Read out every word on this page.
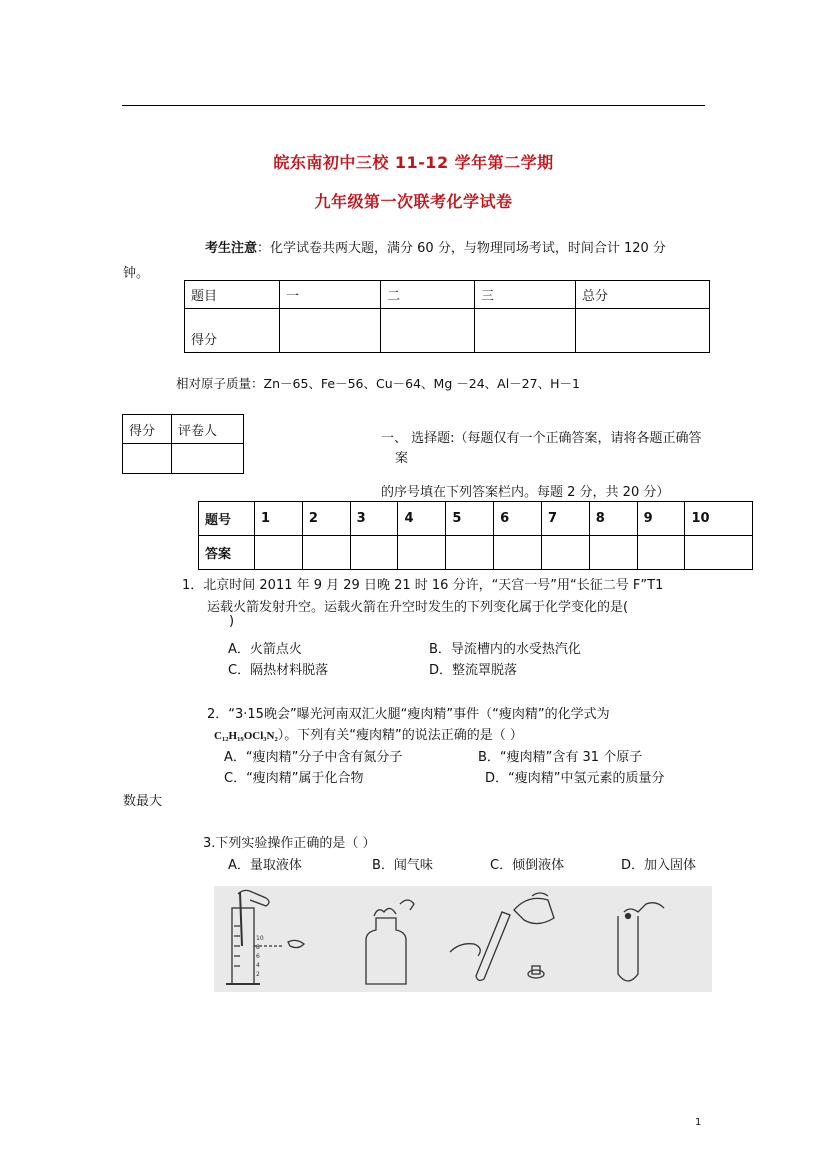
皖东南初中三校 11-12 学年第二学期
九年级第一次联考化学试卷
考生注意：化学试卷共两大题，满分 60 分，与物理同场考试，时间合计 120 分
钟。
题目	一	二	三	总分
得分				
相对原子质量：Zn－65、Fe－56、Cu－64、Mg －24、Al－27、H－1
得分	评卷人
		一、 选择题:（每题仅有一个正确答案，请将各题正确答
案
的序号填在下列答案栏内。每题 2 分，共 20 分）
题号	1	2	3	4	5	6	7	8	9	10
答案										
1．北京时间 2011 年 9 月 29 日晚 21 时 16 分许，“天宫一号”用“长征二号 F”T1
运载火箭发射升空。运载火箭在升空时发生的下列变化属于化学变化的是(
)
A．火箭点火	B．导流槽内的水受热汽化
C．隔热材料脱落	D．整流罩脱落
2．“3·15晚会”曝光河南双汇火腿“瘦肉精”事件（“瘦肉精”的化学式为
C₁₂H₁₉OCl₃N₂）。下列有关“瘦肉精”的说法正确的是（ ）
A．“瘦肉精”分子中含有氮分子	B．“瘦肉精”含有 31 个原子
C．“瘦肉精”属于化合物	D．“瘦肉精”中氢元素的质量分
数最大
3.下列实验操作正确的是（ ）
A．量取液体	B．闻气味	C．倾倒液体	D．加入固体
10
8
6
4
2
1
